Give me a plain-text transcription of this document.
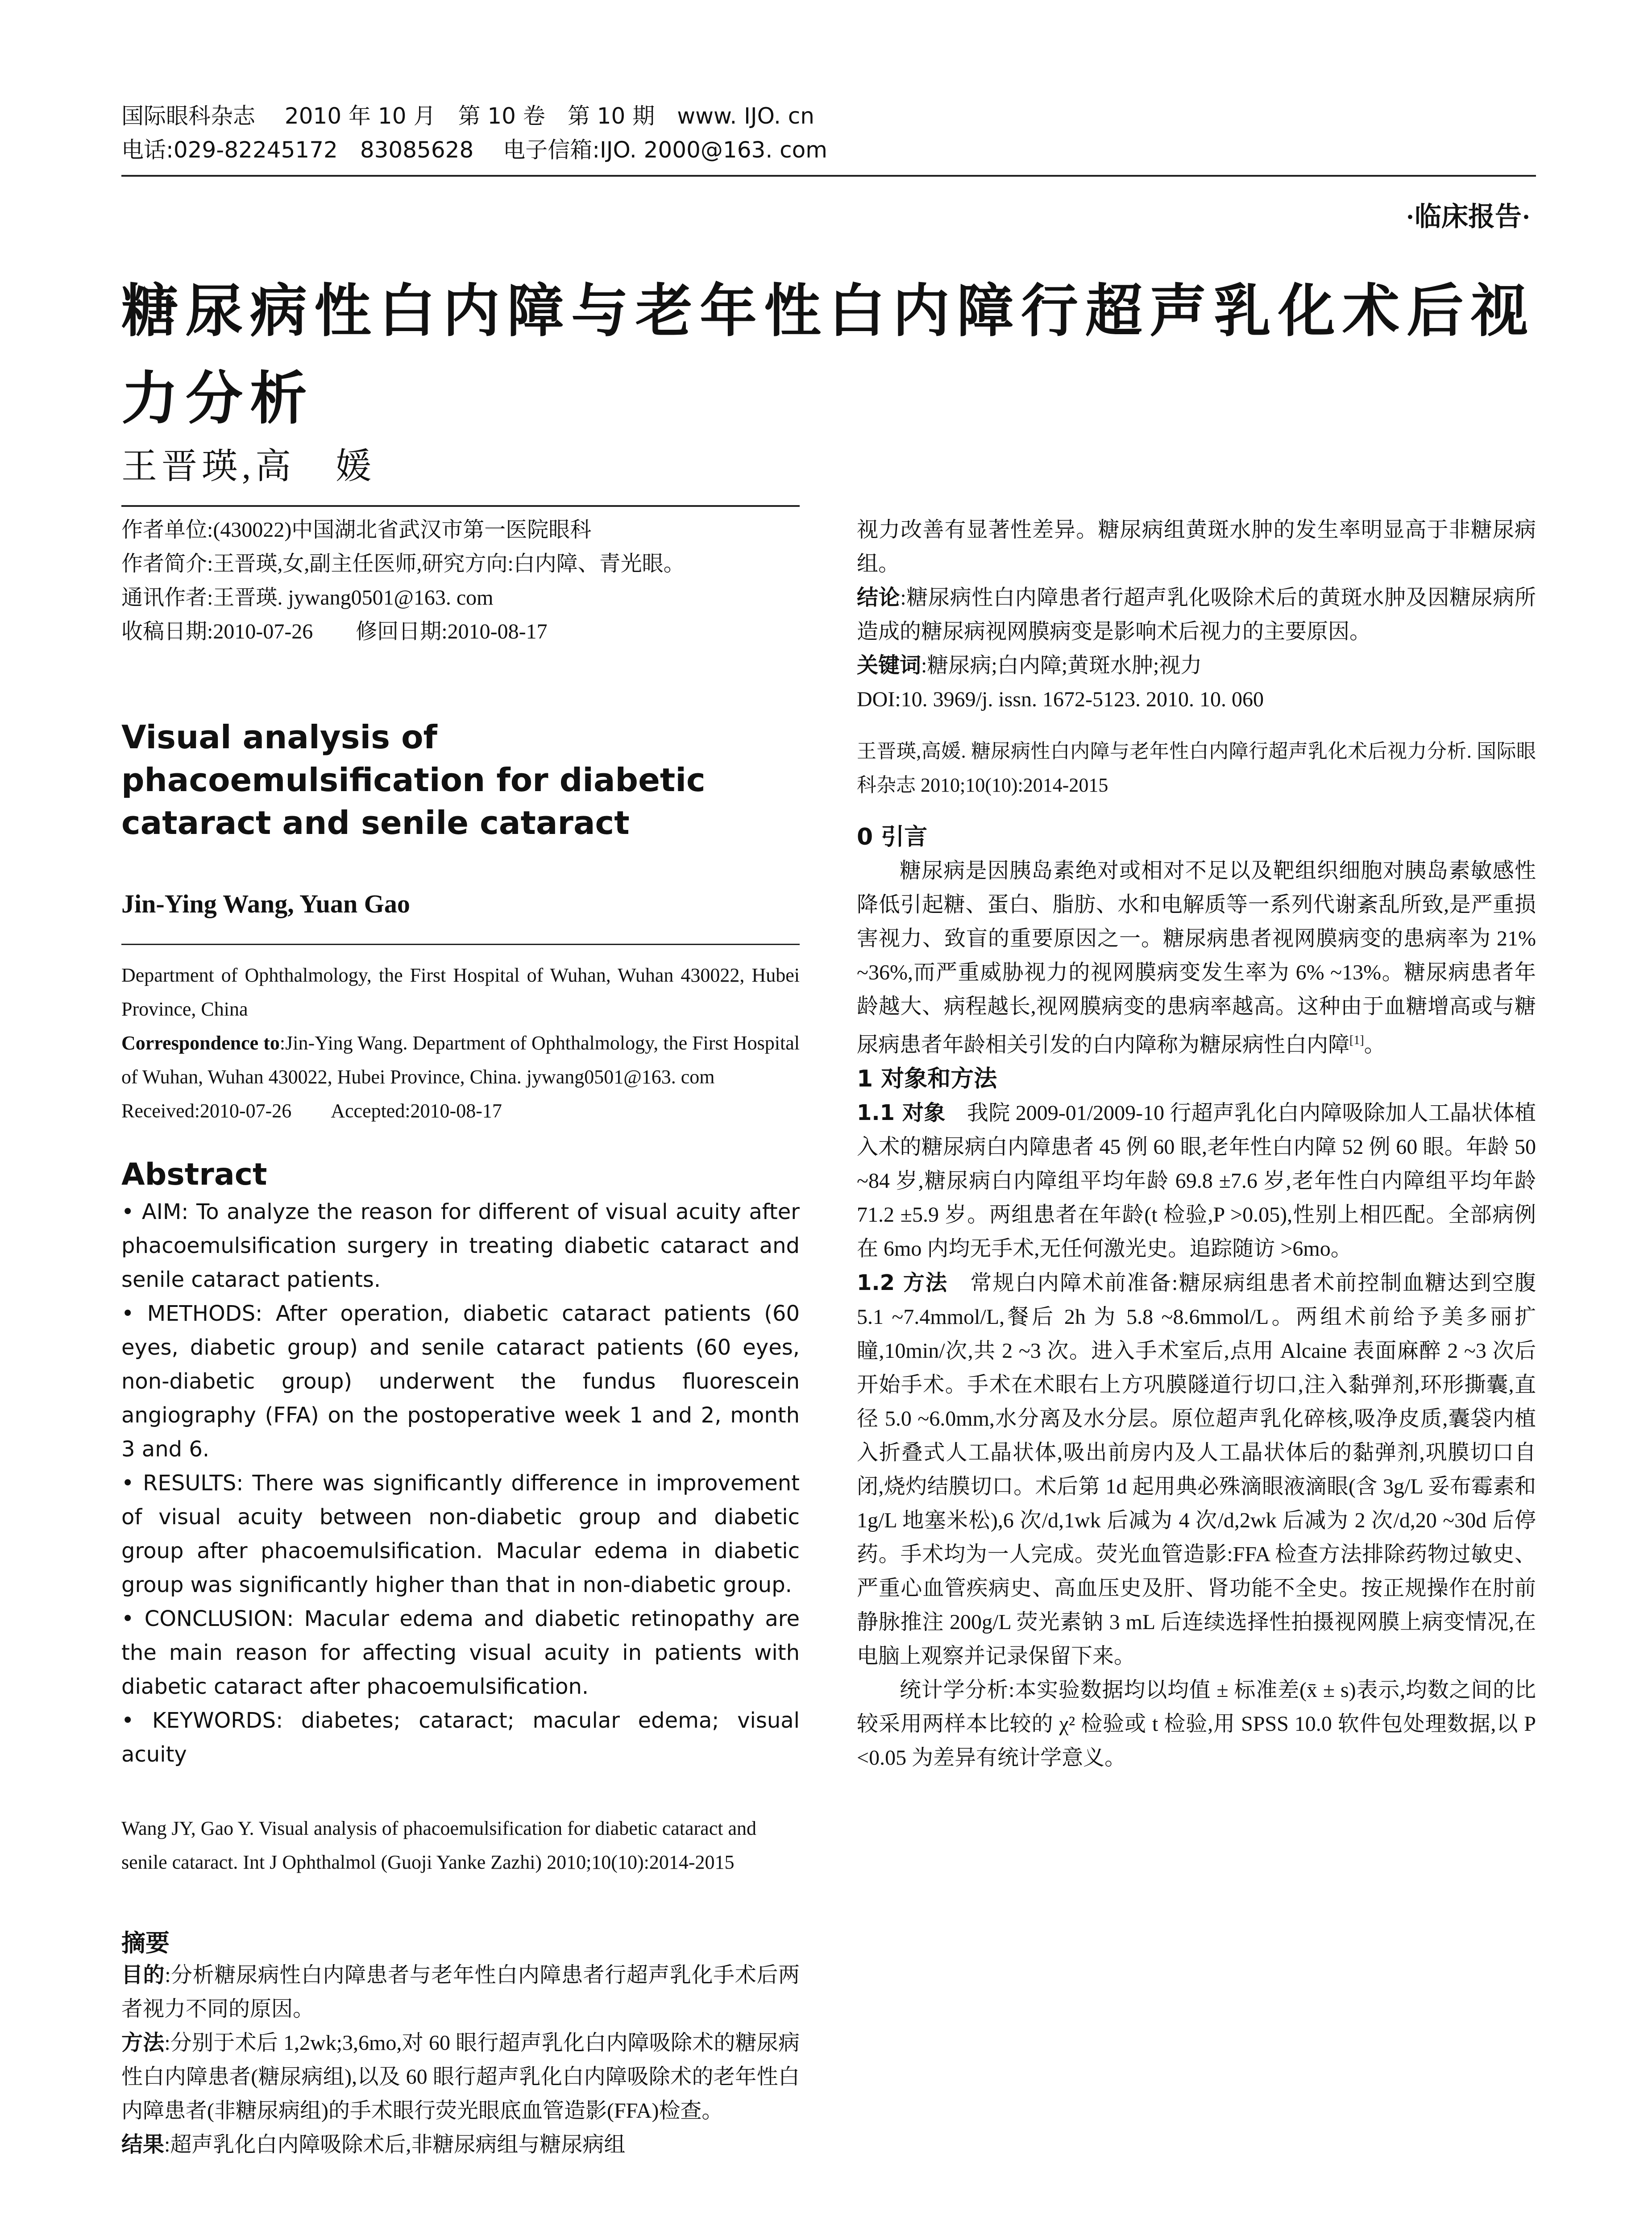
国际眼科杂志　 2010 年 10 月　第 10 卷　第 10 期　www. IJO. cn
电话:029-82245172　83085628　 电子信箱:IJO. 2000@163. com
·临床报告·
糖尿病性白内障与老年性白内障行超声乳化术后视力分析
王晋瑛,高　媛

作者单位:(430022)中国湖北省武汉市第一医院眼科

作者简介:王晋瑛,女,副主任医师,研究方向:白内障、青光眼。

通讯作者:王晋瑛. jywang0501@163. com

收稿日期:2010-07-26　　修回日期:2010-08-17

Visual analysis of phacoemulsification for diabetic cataract and senile cataract
Jin-Ying Wang, Yuan Gao

Department of Ophthalmology, the First Hospital of Wuhan, Wuhan 430022, Hubei Province, China

Correspondence to:Jin-Ying Wang. Department of Ophthalmology, the First Hospital of Wuhan, Wuhan 430022, Hubei Province, China. jywang0501@163. com

Received:2010-07-26　　Accepted:2010-08-17

Abstract

• AIM: To analyze the reason for different of visual acuity after phacoemulsification surgery in treating diabetic cataract and senile cataract patients.

• METHODS: After operation, diabetic cataract patients (60 eyes, diabetic group) and senile cataract patients (60 eyes, non-diabetic group) underwent the fundus fluorescein angiography (FFA) on the postoperative week 1 and 2, month 3 and 6.

• RESULTS: There was significantly difference in improvement of visual acuity between non-diabetic group and diabetic group after phacoemulsification. Macular edema in diabetic group was significantly higher than that in non-diabetic group.

• CONCLUSION: Macular edema and diabetic retinopathy are the main reason for affecting visual acuity in patients with diabetic cataract after phacoemulsification.

• KEYWORDS: diabetes; cataract; macular edema; visual acuity

Wang JY, Gao Y. Visual analysis of phacoemulsification for diabetic cataract and senile cataract. Int J Ophthalmol (Guoji Yanke Zazhi) 2010;10(10):2014-2015
摘要

目的:分析糖尿病性白内障患者与老年性白内障患者行超声乳化手术后两者视力不同的原因。

方法:分别于术后 1,2wk;3,6mo,对 60 眼行超声乳化白内障吸除术的糖尿病性白内障患者(糖尿病组),以及 60 眼行超声乳化白内障吸除术的老年性白内障患者(非糖尿病组)的手术眼行荧光眼底血管造影(FFA)检查。

结果:超声乳化白内障吸除术后,非糖尿病组与糖尿病组

视力改善有显著性差异。糖尿病组黄斑水肿的发生率明显高于非糖尿病组。

结论:糖尿病性白内障患者行超声乳化吸除术后的黄斑水肿及因糖尿病所造成的糖尿病视网膜病变是影响术后视力的主要原因。

关键词:糖尿病;白内障;黄斑水肿;视力

DOI:10. 3969/j. issn. 1672-5123. 2010. 10. 060

王晋瑛,高媛. 糖尿病性白内障与老年性白内障行超声乳化术后视力分析. 国际眼科杂志 2010;10(10):2014-2015

0 引言

糖尿病是因胰岛素绝对或相对不足以及靶组织细胞对胰岛素敏感性降低引起糖、蛋白、脂肪、水和电解质等一系列代谢紊乱所致,是严重损害视力、致盲的重要原因之一。糖尿病患者视网膜病变的患病率为 21% ~36%,而严重威胁视力的视网膜病变发生率为 6% ~13%。糖尿病患者年龄越大、病程越长,视网膜病变的患病率越高。这种由于血糖增高或与糖尿病患者年龄相关引发的白内障称为糖尿病性白内障[1]。

1 对象和方法

1.1 对象　我院 2009-01/2009-10 行超声乳化白内障吸除加人工晶状体植入术的糖尿病白内障患者 45 例 60 眼,老年性白内障 52 例 60 眼。年龄 50 ~84 岁,糖尿病白内障组平均年龄 69.8 ±7.6 岁,老年性白内障组平均年龄 71.2 ±5.9 岁。两组患者在年龄(t 检验,P >0.05),性别上相匹配。全部病例在 6mo 内均无手术,无任何激光史。追踪随访 >6mo。

1.2 方法　常规白内障术前准备:糖尿病组患者术前控制血糖达到空腹 5.1 ~7.4mmol/L,餐后 2h 为 5.8 ~8.6mmol/L。两组术前给予美多丽扩瞳,10min/次,共 2 ~3 次。进入手术室后,点用 Alcaine 表面麻醉 2 ~3 次后开始手术。手术在术眼右上方巩膜隧道行切口,注入黏弹剂,环形撕囊,直径 5.0 ~6.0mm,水分离及水分层。原位超声乳化碎核,吸净皮质,囊袋内植入折叠式人工晶状体,吸出前房内及人工晶状体后的黏弹剂,巩膜切口自闭,烧灼结膜切口。术后第 1d 起用典必殊滴眼液滴眼(含 3g/L 妥布霉素和 1g/L 地塞米松),6 次/d,1wk 后减为 4 次/d,2wk 后减为 2 次/d,20 ~30d 后停药。手术均为一人完成。荧光血管造影:FFA 检查方法排除药物过敏史、严重心血管疾病史、高血压史及肝、肾功能不全史。按正规操作在肘前静脉推注 200g/L 荧光素钠 3 mL 后连续选择性拍摄视网膜上病变情况,在电脑上观察并记录保留下来。

统计学分析:本实验数据均以均值 ± 标准差(x̄ ± s)表示,均数之间的比较采用两样本比较的 χ² 检验或 t 检验,用 SPSS 10.0 软件包处理数据,以 P <0.05 为差异有统计学意义。
